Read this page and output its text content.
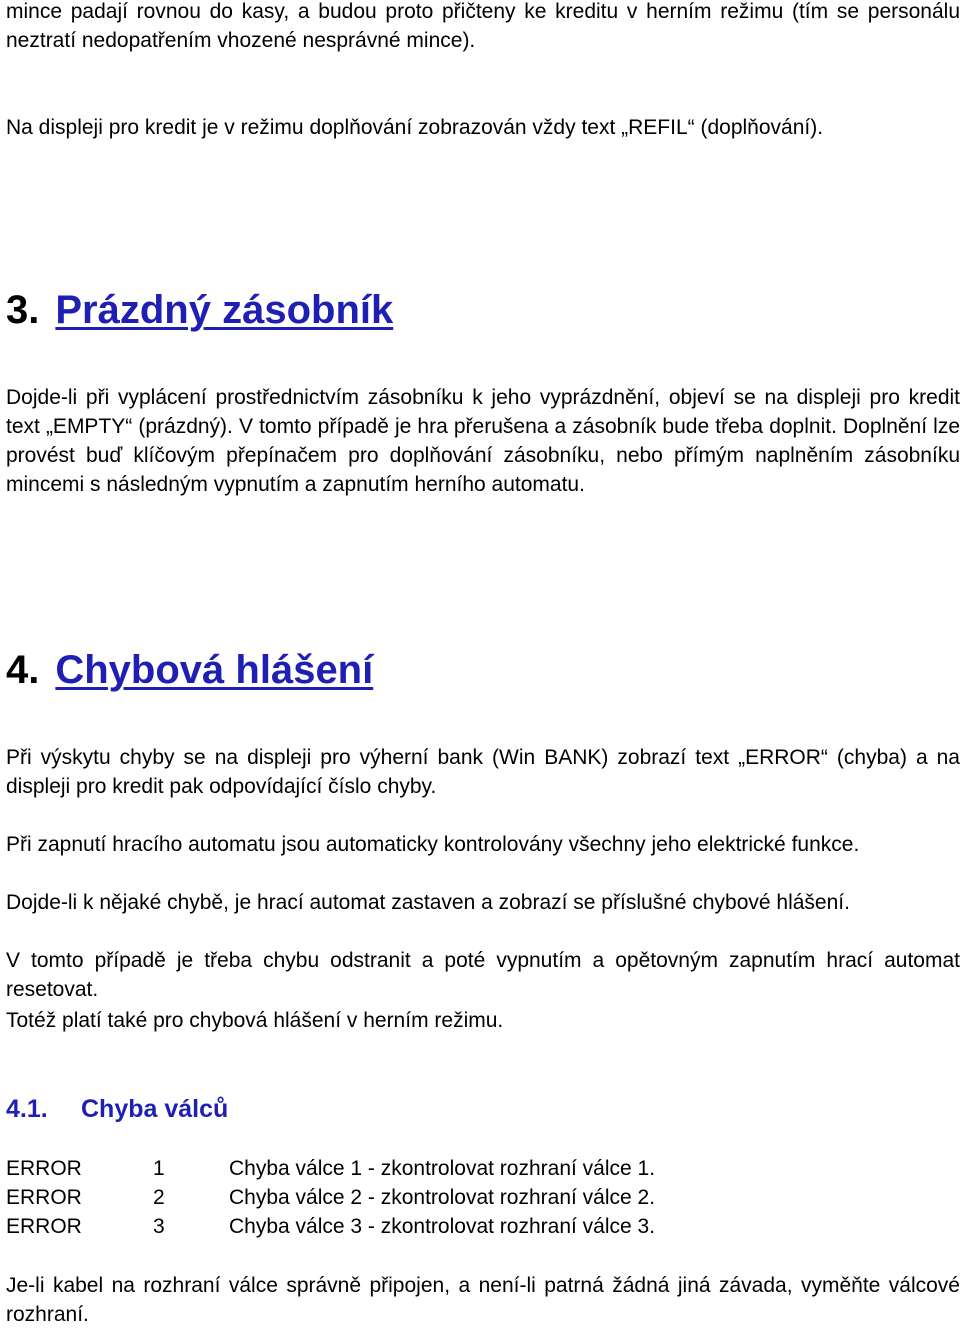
mince padají rovnou do kasy, a budou proto přičteny ke kreditu v herním režimu (tím se personálu neztratí nedopatřením vhozené nesprávné mince).

Na displeji pro kredit je v režimu doplňování zobrazován vždy text „REFIL“ (doplňování).

3. Prázdný zásobník

Dojde-li při vyplácení prostřednictvím zásobníku k jeho vyprázdnění, objeví se na displeji pro kredit text „EMPTY“ (prázdný). V tomto případě je hra přerušena a zásobník bude třeba doplnit. Doplnění lze provést buď klíčovým přepínačem pro doplňování zásobníku, nebo přímým naplněním zásobníku mincemi s následným vypnutím a zapnutím herního automatu.

4. Chybová hlášení

Při výskytu chyby se na displeji pro výherní bank (Win BANK) zobrazí text „ERROR“ (chyba) a na displeji pro kredit pak odpovídající číslo chyby.

Při zapnutí hracího automatu jsou automaticky kontrolovány všechny jeho elektrické funkce.

Dojde-li k nějaké chybě, je hrací automat zastaven a zobrazí se příslušné chybové hlášení.

V tomto případě je třeba chybu odstranit a poté vypnutím a opětovným zapnutím hrací automat resetovat.

Totéž platí také pro chybová hlášení v herním režimu.

4.1. Chyba válců
ERROR	1	Chyba válce 1 - zkontrolovat rozhraní válce 1.
ERROR	2	Chyba válce 2 - zkontrolovat rozhraní válce 2.
ERROR	3	Chyba válce 3 - zkontrolovat rozhraní válce 3.

Je-li kabel na rozhraní válce správně připojen, a není-li patrná žádná jiná závada, vyměňte válcové rozhraní.
